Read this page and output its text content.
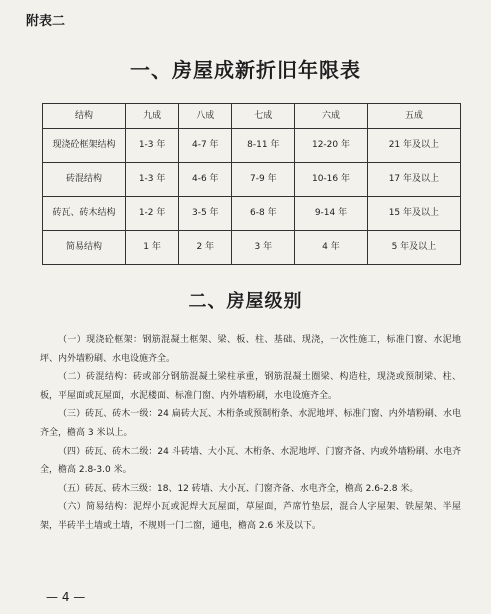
附表二
一、房屋成新折旧年限表
结构	九成	八成	七成	六成	五成
现浇砼框架结构	1-3 年	4-7 年	8-11 年	12-20 年	21 年及以上
砖混结构	1-3 年	4-6 年	7-9 年	10-16 年	17 年及以上
砖瓦、砖木结构	1-2 年	3-5 年	6-8 年	9-14 年	15 年及以上
简易结构	1 年	2 年	3 年	4 年	5 年及以上
二、房屋级别

（一）现浇砼框架：钢筋混凝土框架、梁、板、柱、基础、现浇，一次性施工，标准门窗、水泥地坪、内外墙粉刷、水电设施齐全。

（二）砖混结构：砖或部分钢筋混凝土梁柱承重，钢筋混凝土圈梁、构造柱，现浇或预制梁、柱、板，平屋面或瓦屋面，水泥楼面、标准门窗、内外墙粉刷，水电设施齐全。

（三）砖瓦、砖木一级：24 扁砖大瓦、木桁条或预制桁条、水泥地坪、标准门窗、内外墙粉刷、水电齐全，檐高 3 米以上。

（四）砖瓦、砖木二级：24 斗砖墙、大小瓦、木桁条、水泥地坪、门窗齐备、内或外墙粉刷、水电齐全，檐高 2.8-3.0 米。

（五）砖瓦、砖木三级：18、12 砖墙、大小瓦、门窗齐备、水电齐全，檐高 2.6-2.8 米。

（六）简易结构：泥焊小瓦或泥焊大瓦屋面，草屋面，芦席竹垫层，混合人字屋架、铁屋架、半屋架，半砖半土墙或土墙，不规则一门二窗，通电，檐高 2.6 米及以下。

— 4 —
